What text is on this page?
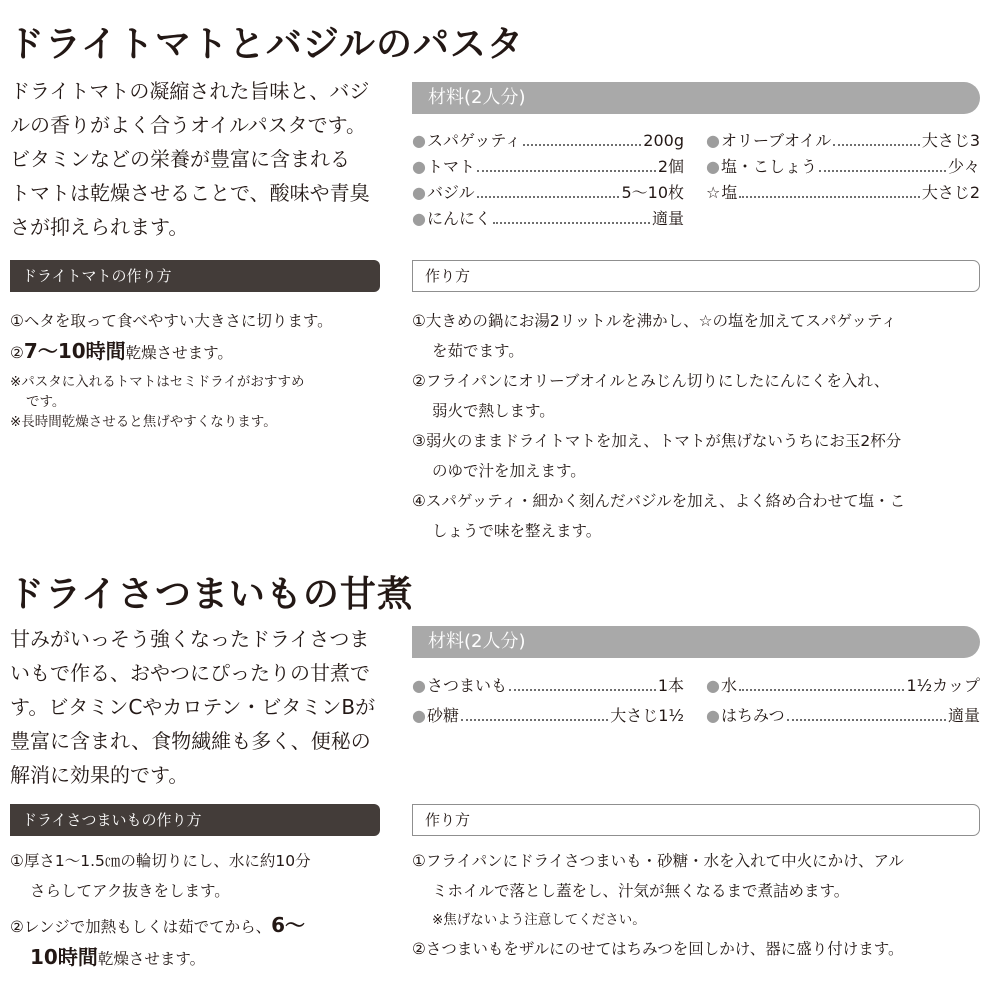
ドライトマトとバジルのパスタ
ドライトマトの凝縮された旨味と、バジ
ルの香りがよく合うオイルパスタです。
ビタミンなどの栄養が豊富に含まれる
トマトは乾燥させることで、酸味や青臭
さが抑えられます。
材料(2人分)
● スパゲッティ	200g
● トマト	2個
● バジル	5〜10枚
● にんにく	適量
● オリーブオイル	大さじ3
● 塩・こしょう	少々
☆ 塩	大さじ2
ドライトマトの作り方
①ヘタを取って食べやすい大きさに切ります。
②7〜10時間乾燥させます。
※パスタに入れるトマトはセミドライがおすすめ
です。
※長時間乾燥させると焦げやすくなります。
作り方
①大きめの鍋にお湯2リットルを沸かし、☆の塩を加えてスパゲッティ
を茹でます。
②フライパンにオリーブオイルとみじん切りにしたにんにくを入れ、
弱火で熱します。
③弱火のままドライトマトを加え、トマトが焦げないうちにお玉2杯分
のゆで汁を加えます。
④スパゲッティ・細かく刻んだバジルを加え、よく絡め合わせて塩・こ
しょうで味を整えます。
ドライさつまいもの甘煮
甘みがいっそう強くなったドライさつま
いもで作る、おやつにぴったりの甘煮で
す。ビタミンCやカロテン・ビタミンBが
豊富に含まれ、食物繊維も多く、便秘の
解消に効果的です。
材料(2人分)
● さつまいも	1本
● 砂糖	大さじ1½
● 水	1½カップ
● はちみつ	適量
ドライさつまいもの作り方
①厚さ1〜1.5㎝の輪切りにし、水に約10分
さらしてアク抜きをします。
②レンジで加熱もしくは茹でてから、6〜
10時間乾燥させます。
作り方
①フライパンにドライさつまいも・砂糖・水を入れて中火にかけ、アル
ミホイルで落とし蓋をし、汁気が無くなるまで煮詰めます。
※焦げないよう注意してください。
②さつまいもをザルにのせてはちみつを回しかけ、器に盛り付けます。
